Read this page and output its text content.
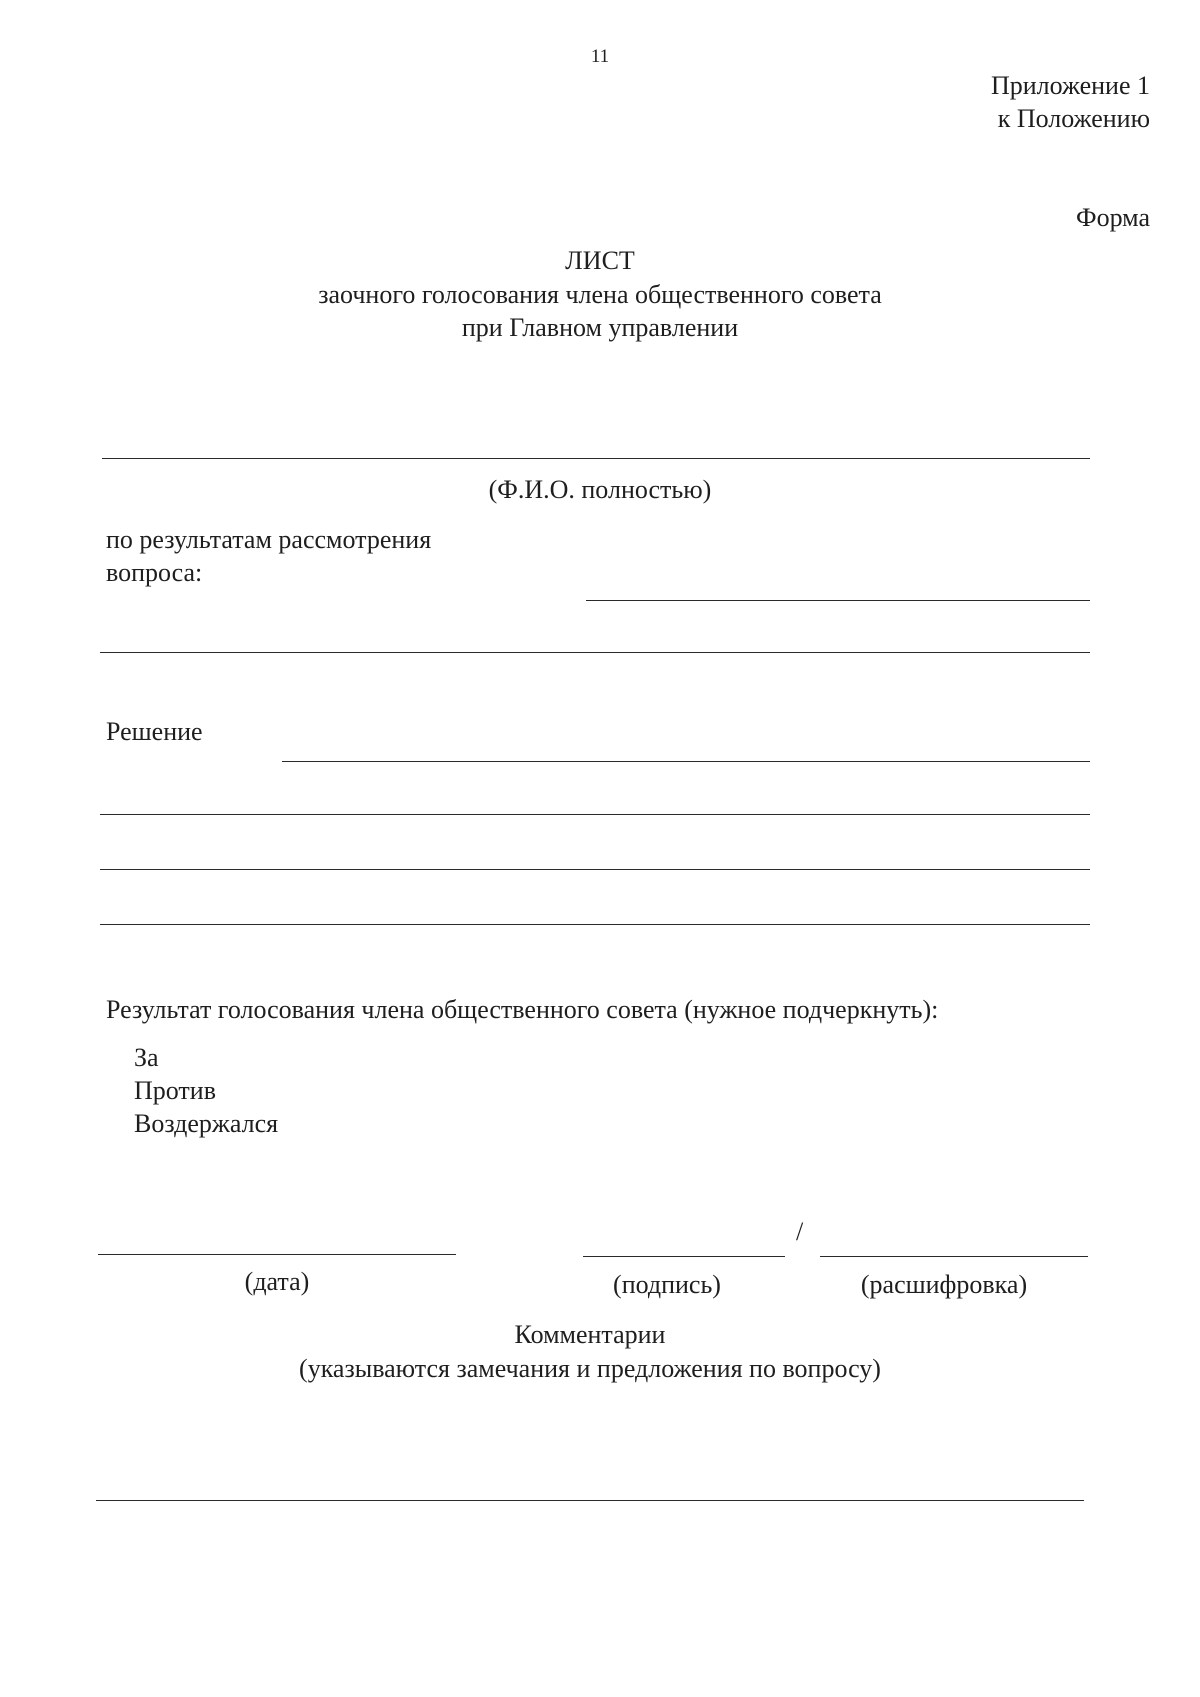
11
Приложение 1
к Положению
Форма
ЛИСТ
заочного голосования члена общественного совета
при Главном управлении
(Ф.И.О. полностью)
по результатам рассмотрения
вопроса:
Решение
Результат голосования члена общественного совета (нужное подчеркнуть):
За
Против
Воздержался
/
(дата)	(подпись)	(расшифровка)
Комментарии
(указываются замечания и предложения по вопросу)
